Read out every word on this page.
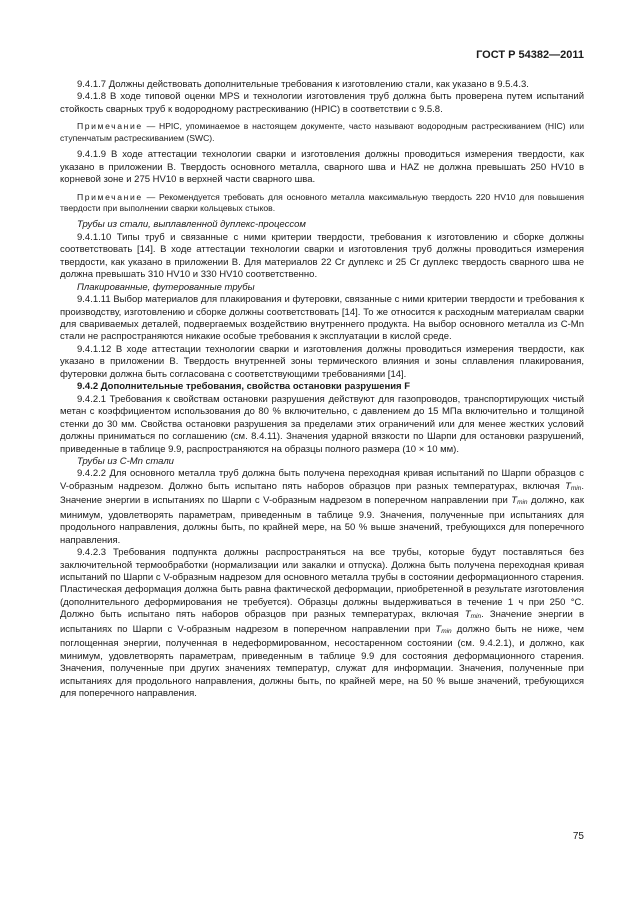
ГОСТ Р 54382—2011

9.4.1.7 Должны действовать дополнительные требования к изготовлению стали, как указано в 9.5.4.3.

9.4.1.8 В ходе типовой оценки MPS и технологии изготовления труб должна быть проверена путем испытаний стойкость сварных труб к водородному растрескиванию (HPIC) в соответствии с 9.5.8.

Примечание — HPIC, упоминаемое в настоящем документе, часто называют водородным растрескиванием (HIC) или ступенчатым растрескиванием (SWC).

9.4.1.9 В ходе аттестации технологии сварки и изготовления должны проводиться измерения твердости, как указано в приложении B. Твердость основного металла, сварного шва и HAZ не должна превышать 250 HV10 в корневой зоне и 275 HV10 в верхней части сварного шва.

Примечание — Рекомендуется требовать для основного металла максимальную твердость 220 HV10 для повышения твердости при выполнении сварки кольцевых стыков.

Трубы из стали, выплавленной дуплекс-процессом

9.4.1.10 Типы труб и связанные с ними критерии твердости, требования к изготовлению и сборке должны соответствовать [14]. В ходе аттестации технологии сварки и изготовления труб должны проводиться измерения твердости, как указано в приложении B. Для материалов 22 Cr дуплекс и 25 Cr дуплекс твердость сварного шва не должна превышать 310 HV10 и 330 HV10 соответственно.

Плакированные, футерованные трубы

9.4.1.11 Выбор материалов для плакирования и футеровки, связанные с ними критерии твердости и требования к производству, изготовлению и сборке должны соответствовать [14]. То же относится к расходным материалам сварки для свариваемых деталей, подвергаемых воздействию внутреннего продукта. На выбор основного металла из C-Mn стали не распространяются никакие особые требования к эксплуатации в кислой среде.

9.4.1.12 В ходе аттестации технологии сварки и изготовления должны проводиться измерения твердости, как указано в приложении B. Твердость внутренней зоны термического влияния и зоны сплавления плакирования, футеровки должна быть согласована с соответствующими требованиями [14].

9.4.2 Дополнительные требования, свойства остановки разрушения F

9.4.2.1 Требования к свойствам остановки разрушения действуют для газопроводов, транспортирующих чистый метан с коэффициентом использования до 80 % включительно, с давлением до 15 МПа включительно и толщиной стенки до 30 мм. Свойства остановки разрушения за пределами этих ограничений или для менее жестких условий должны приниматься по соглашению (см. 8.4.11). Значения ударной вязкости по Шарпи для остановки разрушений, приведенные в таблице 9.9, распространяются на образцы полного размера (10 × 10 мм).

Трубы из C-Mn стали

9.4.2.2 Для основного металла труб должна быть получена переходная кривая испытаний по Шарпи образцов с V-образным надрезом. Должно быть испытано пять наборов образцов при разных температурах, включая $T_{min}$. Значение энергии в испытаниях по Шарпи с V-образным надрезом в поперечном направлении при $T_{min}$ должно, как минимум, удовлетворять параметрам, приведенным в таблице 9.9. Значения, полученные при испытаниях для продольного направления, должны быть, по крайней мере, на 50 % выше значений, требующихся для поперечного направления.

9.4.2.3 Требования подпункта должны распространяться на все трубы, которые будут поставляться без заключительной термообработки (нормализации или закалки и отпуска). Должна быть получена переходная кривая испытаний по Шарпи с V-образным надрезом для основного металла трубы в состоянии деформационного старения. Пластическая деформация должна быть равна фактической деформации, приобретенной в результате изготовления (дополнительного деформирования не требуется). Образцы должны выдерживаться в течение 1 ч при 250 °C. Должно быть испытано пять наборов образцов при разных температурах, включая $T_{min}$. Значение энергии в испытаниях по Шарпи с V-образным надрезом в поперечном направлении при $T_{min}$ должно быть не ниже, чем поглощенная энергии, полученная в недеформированном, несостаренном состоянии (см. 9.4.2.1), и должно, как минимум, удовлетворять параметрам, приведенным в таблице 9.9 для состояния деформационного старения. Значения, полученные при других значениях температур, служат для информации. Значения, полученные при испытаниях для продольного направления, должны быть, по крайней мере, на 50 % выше значений, требующихся для поперечного направления.

75
